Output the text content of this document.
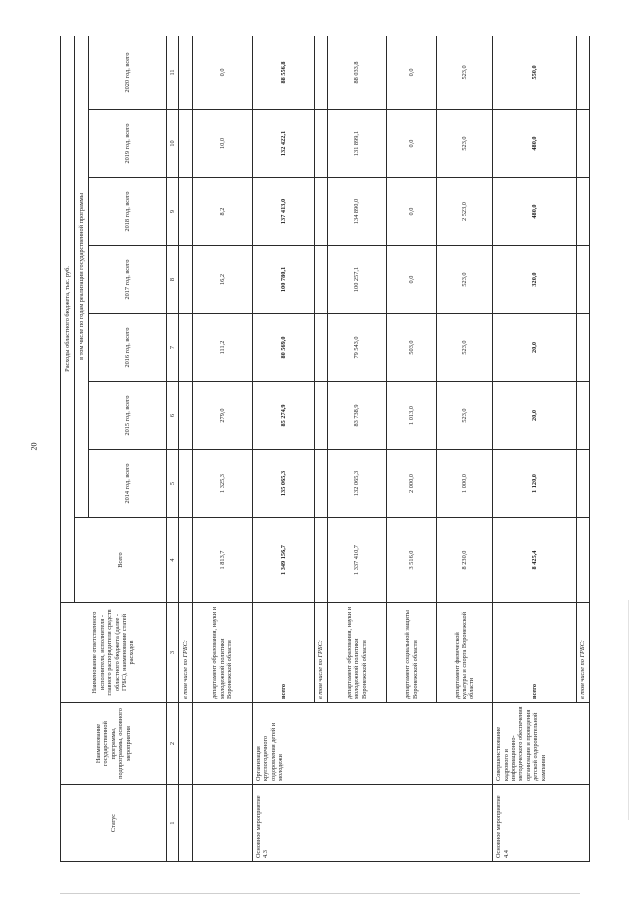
20
Статус	Наименование государственной программы, подпрограммы, основного мероприятия	Наименование ответственного исполнителя, исполнителя - главного распорядителя средств областного бюджета (далее - ГРБС), наименование статей расходов	Расходы областного бюджета, тыс. руб.							
			Всего	в том числе по годам реализации государственной программы						
				2014 год, всего	2015 год, всего	2016 год, всего	2017 год, всего	2018 год, всего	2019 год, всего	2020 год, всего
1	2	3	4	5	6	7	8	9	10	11
		в том числе по ГРБС:								
		департамент образования, науки и молодежной политики Воронежской области	1 813,7	1 325,3	279,0	111,2	16,2	8,2	10,0	0,0
Основное мероприятие 4.3	Организация круглогодичного оздоровления детей и молодежи	всего	1 349 156,7	135 065,3	85 274,9	80 569,0	100 780,1	137 413,0	132 422,1	88 556,8
		в том числе по ГРБС:								
		департамент образования, науки и молодежной политики Воронежской области	1 337 410,7	132 065,3	83 738,9	79 543,0	100 257,1	134 890,0	131 899,1	88 033,8
		департамент социальной защиты Воронежской области	3 516,0	2 000,0	1 013,0	503,0	0,0	0,0	0,0	0,0
		департамент физической культуры и спорта Воронежской области	8 230,0	1 000,0	523,0	523,0	523,0	2 523,0	523,0	523,0
Основное мероприятие 4.4	Совершенствование кадрового и информационно-методического обеспечения организации и проведения детской оздоровительной кампании	всего	8 425,4	1 120,0	20,0	20,0	320,0	480,0	480,0	550,0
		в том числе по ГРБС:								
